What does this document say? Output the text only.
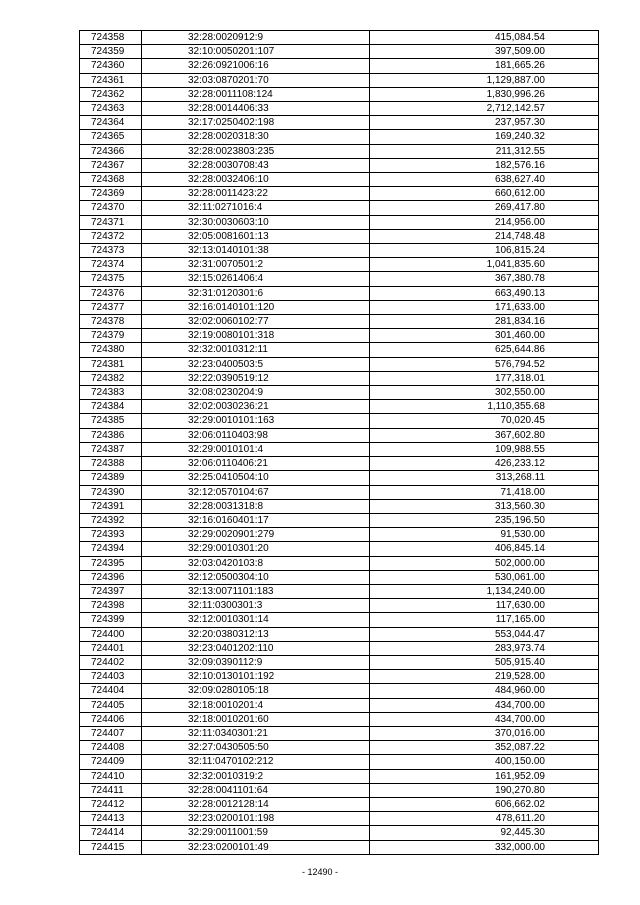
724358	32:28:0020912:9	415,084.54
724359	32:10:0050201:107	397,509.00
724360	32:26:0921006:16	181,665.26
724361	32:03:0870201:70	1,129,887.00
724362	32:28:0011108:124	1,830,996.26
724363	32:28:0014406:33	2,712,142.57
724364	32:17:0250402:198	237,957.30
724365	32:28:0020318:30	169,240.32
724366	32:28:0023803:235	211,312.55
724367	32:28:0030708:43	182,576.16
724368	32:28:0032406:10	638,627.40
724369	32:28:0011423:22	660,612.00
724370	32:11:0271016:4	269,417.80
724371	32:30:0030603:10	214,956.00
724372	32:05:0081601:13	214,748.48
724373	32:13:0140101:38	106,815.24
724374	32:31:0070501:2	1,041,835.60
724375	32:15:0261406:4	367,380.78
724376	32:31:0120301:6	663,490.13
724377	32:16:0140101:120	171,633.00
724378	32:02:0060102:77	281,834.16
724379	32:19:0080101:318	301,460.00
724380	32:32:0010312:11	625,644.86
724381	32:23:0400503:5	576,794.52
724382	32:22:0390519:12	177,318.01
724383	32:08:0230204:9	302,550.00
724384	32:02:0030236:21	1,110,355.68
724385	32:29:0010101:163	70,020.45
724386	32:06:0110403:98	367,602.80
724387	32:29:0010101:4	109,988.55
724388	32:06:0110406:21	426,233.12
724389	32:25:0410504:10	313,268.11
724390	32:12:0570104:67	71,418.00
724391	32:28:0031318:8	313,560.30
724392	32:16:0160401:17	235,196.50
724393	32:29:0020901:279	91,530.00
724394	32:29:0010301:20	406,845.14
724395	32:03:0420103:8	502,000.00
724396	32:12:0500304:10	530,061.00
724397	32:13:0071101:183	1,134,240.00
724398	32:11:0300301:3	117,630.00
724399	32:12:0010301:14	117,165.00
724400	32:20:0380312:13	553,044.47
724401	32:23:0401202:110	283,973.74
724402	32:09:0390112:9	505,915.40
724403	32:10:0130101:192	219,528.00
724404	32:09:0280105:18	484,960.00
724405	32:18:0010201:4	434,700.00
724406	32:18:0010201:60	434,700.00
724407	32:11:0340301:21	370,016.00
724408	32:27:0430505:50	352,087.22
724409	32:11:0470102:212	400,150.00
724410	32:32:0010319:2	161,952.09
724411	32:28:0041101:64	190,270.80
724412	32:28:0012128:14	606,662.02
724413	32:23:0200101:198	478,611.20
724414	32:29:0011001:59	92,445.30
724415	32:23:0200101:49	332,000.00
- 12490 -
